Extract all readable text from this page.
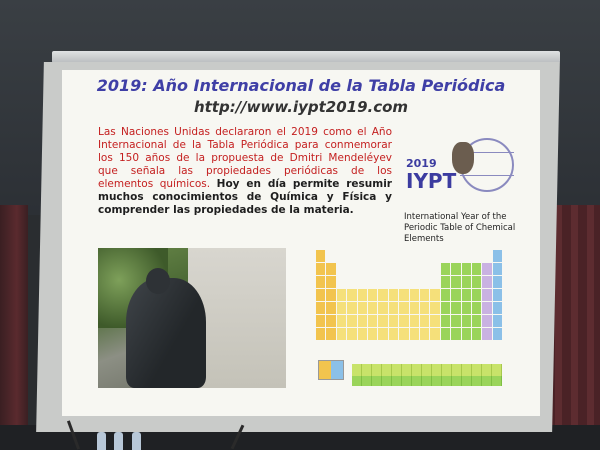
2019: Año Internacional de la Tabla Periódica
http://www.iypt2019.com
Las Naciones Unidas declararon el 2019 como el Año Internacional de la Tabla Periódica para conmemorar los 150 años de la propuesta de Dmitri Mendeléyev que señala las propiedades periódicas de los elementos químicos. Hoy en día permite resumir muchos conocimientos de Química y Física y comprender las propiedades de la materia.
2019
IYPT
International Year of the Periodic Table of Chemical Elements
